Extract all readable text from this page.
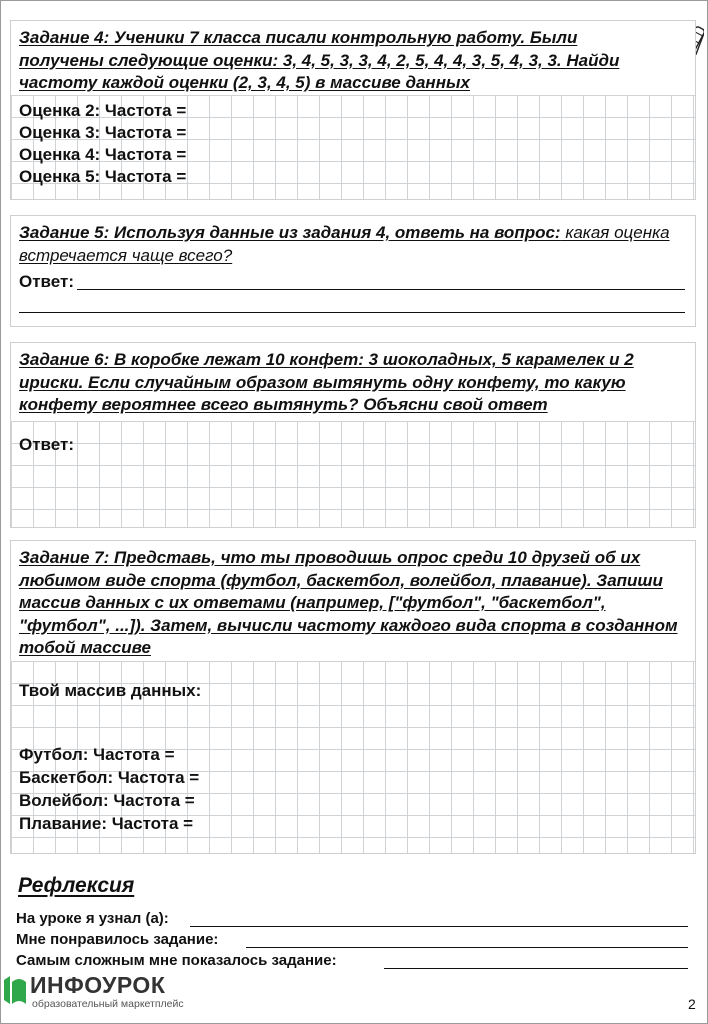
Задание 4: Ученики 7 класса писали контрольную работу. Были получены следующие оценки: 3, 4, 5, 3, 3, 4, 2, 5, 4, 4, 3, 5, 4, 3, 3. Найди частоту каждой оценки (2, 3, 4, 5) в массиве данных
Оценка 2: Частота =
Оценка 3: Частота =
Оценка 4: Частота =
Оценка 5: Частота =
Задание 5: Используя данные из задания 4, ответь на вопрос: какая оценка встречается чаще всего?
Ответ:
Задание 6: В коробке лежат 10 конфет: 3 шоколадных, 5 карамелек и 2 ириски. Если случайным образом вытянуть одну конфету, то какую конфету вероятнее всего вытянуть? Объясни свой ответ
Ответ:
Задание 7: Представь, что ты проводишь опрос среди 10 друзей об их любимом виде спорта (футбол, баскетбол, волейбол, плавание). Запиши массив данных с их ответами (например, ["футбол", "баскетбол", "футбол", ...]). Затем, вычисли частоту каждого вида спорта в созданном тобой массиве
Твой массив данных:
Футбол: Частота =
Баскетбол: Частота =
Волейбол: Частота =
Плавание: Частота =
Рефлексия
На уроке я узнал (а):
Мне понравилось задание:
Самым сложным мне показалось задание:
ИНФОУРОК
образовательный маркетплейс	2
